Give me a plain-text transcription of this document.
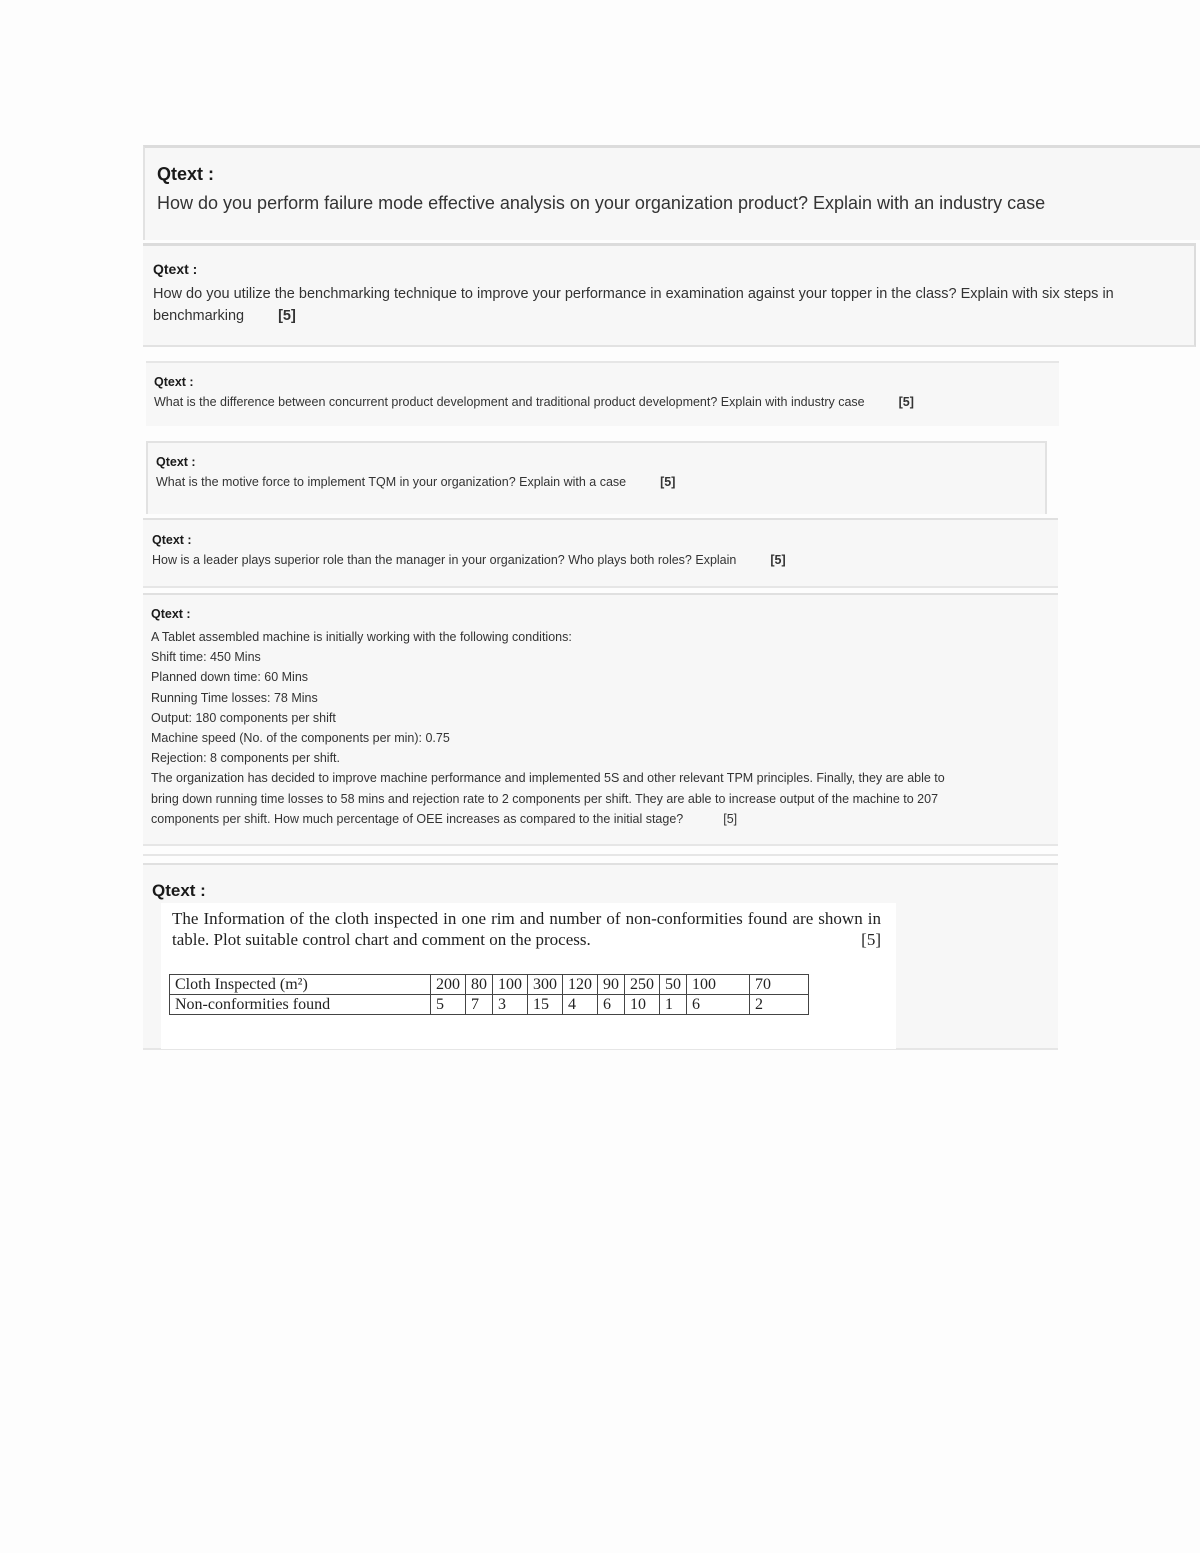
Qtext :
How do you perform failure mode effective analysis on your organization product? Explain with an industry case
Qtext :
How do you utilize the benchmarking technique to improve your performance in examination against your topper in the class? Explain with six steps in benchmarking [5]
Qtext :
What is the difference between concurrent product development and traditional product development? Explain with industry case	[5]
Qtext :
What is the motive force to implement TQM in your organization? Explain with a case	[5]
Qtext :
How is a leader plays superior role than the manager in your organization? Who plays both roles? Explain	[5]
Qtext :
A Tablet assembled machine is initially working with the following conditions:
Shift time: 450 Mins
Planned down time: 60 Mins
Running Time losses: 78 Mins
Output: 180 components per shift
Machine speed (No. of the components per min): 0.75
Rejection: 8 components per shift.
The organization has decided to improve machine performance and implemented 5S and other relevant TPM principles. Finally, they are able to
bring down running time losses to 58 mins and rejection rate to 2 components per shift. They are able to increase output of the machine to 207
components per shift. How much percentage of OEE increases as compared to the initial stage?	[5]
Qtext :
The Information of the cloth inspected in one rim and number of non-conformities found are shown in table. Plot suitable control chart and comment on the process.	[5]
Cloth Inspected (m²)	200	80	100	300	120	90	250	50	100	70
Non-conformities found	5	7	3	15	4	6	10	1	6	2
